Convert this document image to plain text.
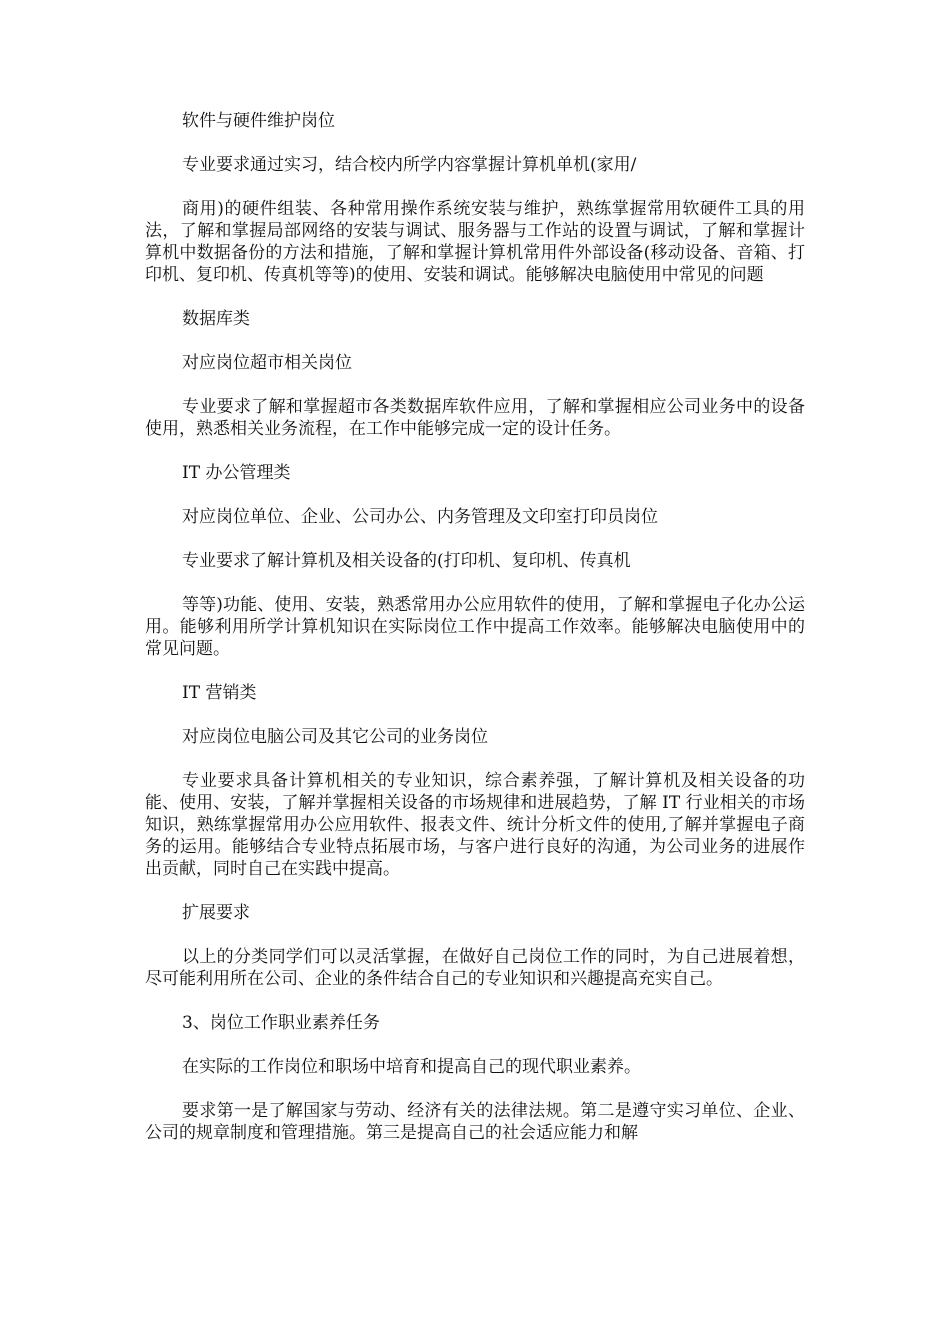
软件与硬件维护岗位

专业要求通过实习，结合校内所学内容掌握计算机单机(家用/

商用)的硬件组装、各种常用操作系统安装与维护，熟练掌握常用软硬件工具的用法，了解和掌握局部网络的安装与调试、服务器与工作站的设置与调试，了解和掌握计算机中数据备份的方法和措施，了解和掌握计算机常用件外部设备(移动设备、音箱、打印机、复印机、传真机等等)的使用、安装和调试。能够解决电脑使用中常见的问题

数据库类

对应岗位超市相关岗位

专业要求了解和掌握超市各类数据库软件应用，了解和掌握相应公司业务中的设备使用，熟悉相关业务流程，在工作中能够完成一定的设计任务。

IT 办公管理类

对应岗位单位、企业、公司办公、内务管理及文印室打印员岗位

专业要求了解计算机及相关设备的(打印机、复印机、传真机

等等)功能、使用、安装，熟悉常用办公应用软件的使用，了解和掌握电子化办公运用。能够利用所学计算机知识在实际岗位工作中提高工作效率。能够解决电脑使用中的常见问题。

IT 营销类

对应岗位电脑公司及其它公司的业务岗位

专业要求具备计算机相关的专业知识，综合素养强，了解计算机及相关设备的功能、使用、安装，了解并掌握相关设备的市场规律和进展趋势，了解 IT 行业相关的市场知识，熟练掌握常用办公应用软件、报表文件、统计分析文件的使用,了解并掌握电子商务的运用。能够结合专业特点拓展市场，与客户进行良好的沟通，为公司业务的进展作出贡献，同时自己在实践中提高。

扩展要求

以上的分类同学们可以灵活掌握，在做好自己岗位工作的同时，为自己进展着想，尽可能利用所在公司、企业的条件结合自己的专业知识和兴趣提高充实自己。

3、岗位工作职业素养任务

在实际的工作岗位和职场中培育和提高自己的现代职业素养。

要求第一是了解国家与劳动、经济有关的法律法规。第二是遵守实习单位、企业、公司的规章制度和管理措施。第三是提高自己的社会适应能力和解
